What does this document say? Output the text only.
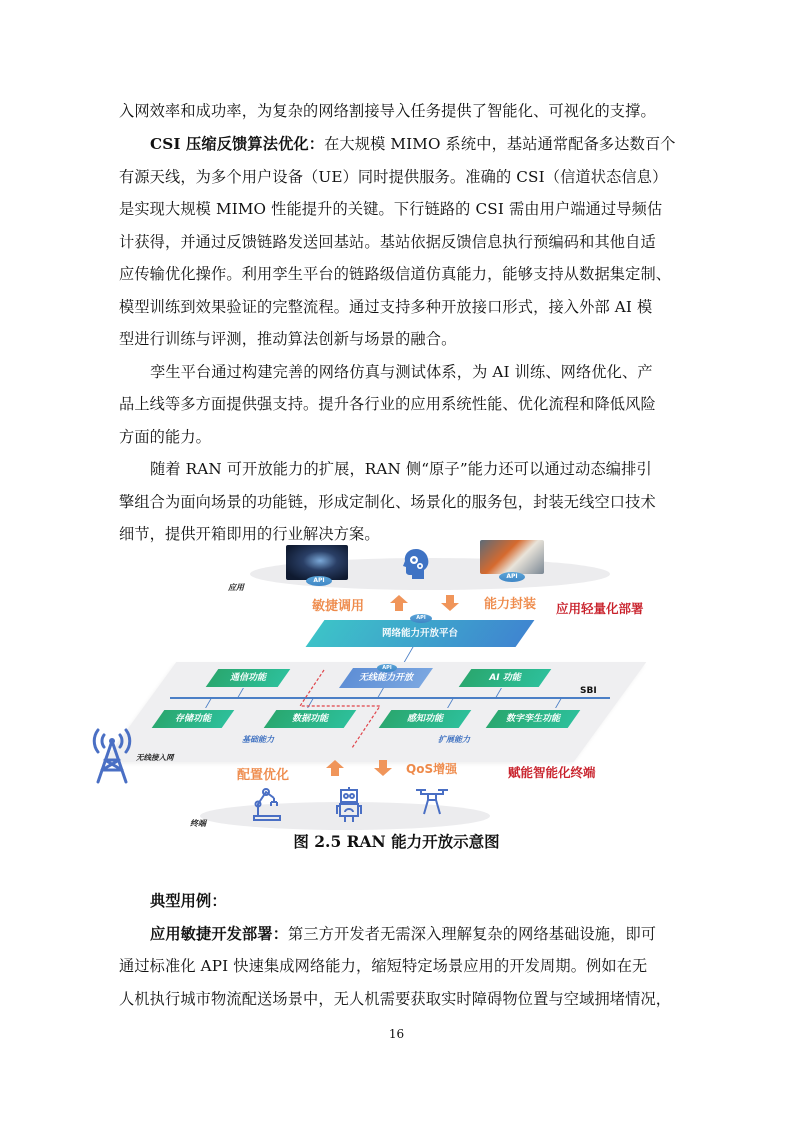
入网效率和成功率，为复杂的网络割接导入任务提供了智能化、可视化的支撑。
CSI 压缩反馈算法优化：在大规模 MIMO 系统中，基站通常配备多达数百个
有源天线，为多个用户设备（UE）同时提供服务。准确的 CSI（信道状态信息）
是实现大规模 MIMO 性能提升的关键。下行链路的 CSI 需由用户端通过导频估
计获得，并通过反馈链路发送回基站。基站依据反馈信息执行预编码和其他自适
应传输优化操作。利用孪生平台的链路级信道仿真能力，能够支持从数据集定制、
模型训练到效果验证的完整流程。通过支持多种开放接口形式，接入外部 AI 模
型进行训练与评测，推动算法创新与场景的融合。
孪生平台通过构建完善的网络仿真与测试体系，为 AI 训练、网络优化、产
品上线等多方面提供强支持。提升各行业的应用系统性能、优化流程和降低风险
方面的能力。
随着 RAN 可开放能力的扩展，RAN 侧“原子”能力还可以通过动态编排引
擎组合为面向场景的功能链，形成定制化、场景化的服务包，封装无线空口技术
细节，提供开箱即用的行业解决方案。
应用
API
API
敏捷调用	能力封装 应用轻量化部署
API
网络能力开放平台
SBI
通信功能
API
无线能力开放	AI 功能
存储功能	数据功能	感知功能	数字孪生功能
基础能力	扩展能力
无线接入网
配置优化	QoS增强	赋能智能化终端
终端
图 2.5 RAN 能力开放示意图
典型用例：
应用敏捷开发部署：第三方开发者无需深入理解复杂的网络基础设施，即可
通过标准化 API 快速集成网络能力，缩短特定场景应用的开发周期。例如在无
人机执行城市物流配送场景中，无人机需要获取实时障碍物位置与空域拥堵情况，
16
